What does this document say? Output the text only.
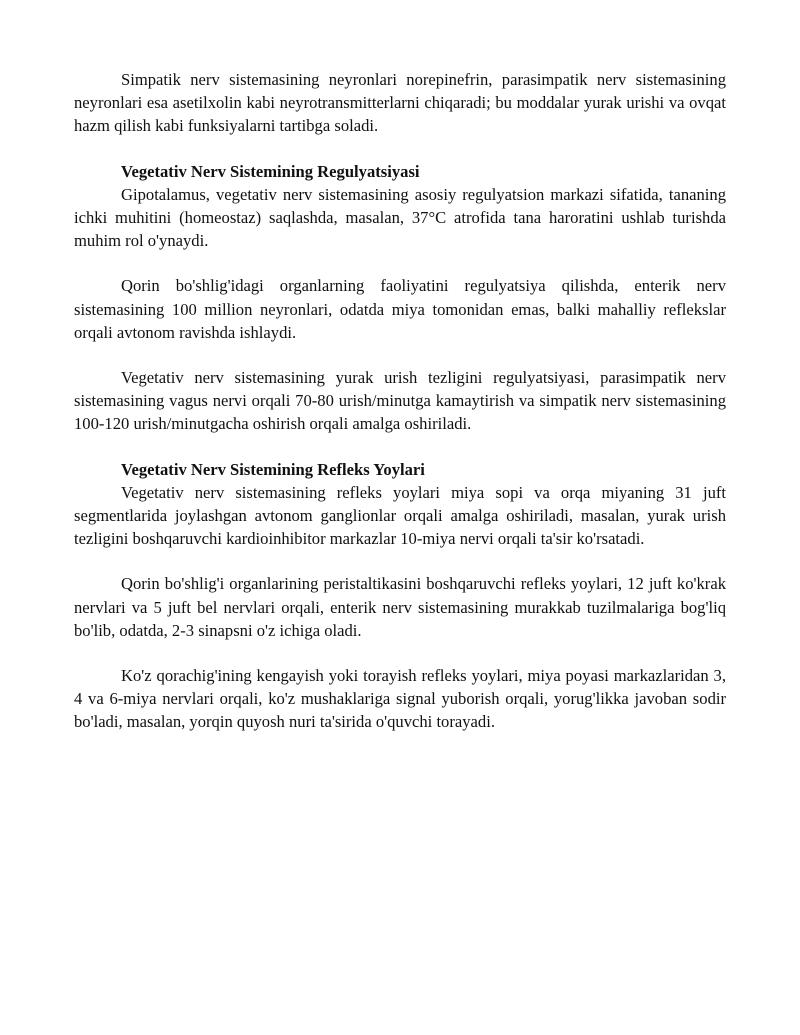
Simpatik nerv sistemasining neyronlari norepinefrin, parasimpatik nerv sistemasining neyronlari esa asetilxolin kabi neyrotransmitterlarni chiqaradi; bu moddalar yurak urishi va ovqat hazm qilish kabi funksiyalarni tartibga soladi.

Vegetativ Nerv Sistemining Regulyatsiyasi

Gipotalamus, vegetativ nerv sistemasining asosiy regulyatsion markazi sifatida, tananing ichki muhitini (homeostaz) saqlashda, masalan, 37°C atrofida tana haroratini ushlab turishda muhim rol o'ynaydi.

Qorin bo'shlig'idagi organlarning faoliyatini regulyatsiya qilishda, enterik nerv sistemasining 100 million neyronlari, odatda miya tomonidan emas, balki mahalliy reflekslar orqali avtonom ravishda ishlaydi.

Vegetativ nerv sistemasining yurak urish tezligini regulyatsiyasi, parasimpatik nerv sistemasining vagus nervi orqali 70-80 urish/minutga kamaytirish va simpatik nerv sistemasining 100-120 urish/minutgacha oshirish orqali amalga oshiriladi.

Vegetativ Nerv Sistemining Refleks Yoylari

Vegetativ nerv sistemasining refleks yoylari miya sopi va orqa miyaning 31 juft segmentlarida joylashgan avtonom ganglionlar orqali amalga oshiriladi, masalan, yurak urish tezligini boshqaruvchi kardioinhibitor markazlar 10-miya nervi orqali ta'sir ko'rsatadi.

Qorin bo'shlig'i organlarining peristaltikasini boshqaruvchi refleks yoylari, 12 juft ko'krak nervlari va 5 juft bel nervlari orqali, enterik nerv sistemasining murakkab tuzilmalariga bog'liq bo'lib, odatda, 2-3 sinapsni o'z ichiga oladi.

Ko'z qorachig'ining kengayish yoki torayish refleks yoylari, miya poyasi markazlaridan 3, 4 va 6-miya nervlari orqali, ko'z mushaklariga signal yuborish orqali, yorug'likka javoban sodir bo'ladi, masalan, yorqin quyosh nuri ta'sirida o'quvchi torayadi.
